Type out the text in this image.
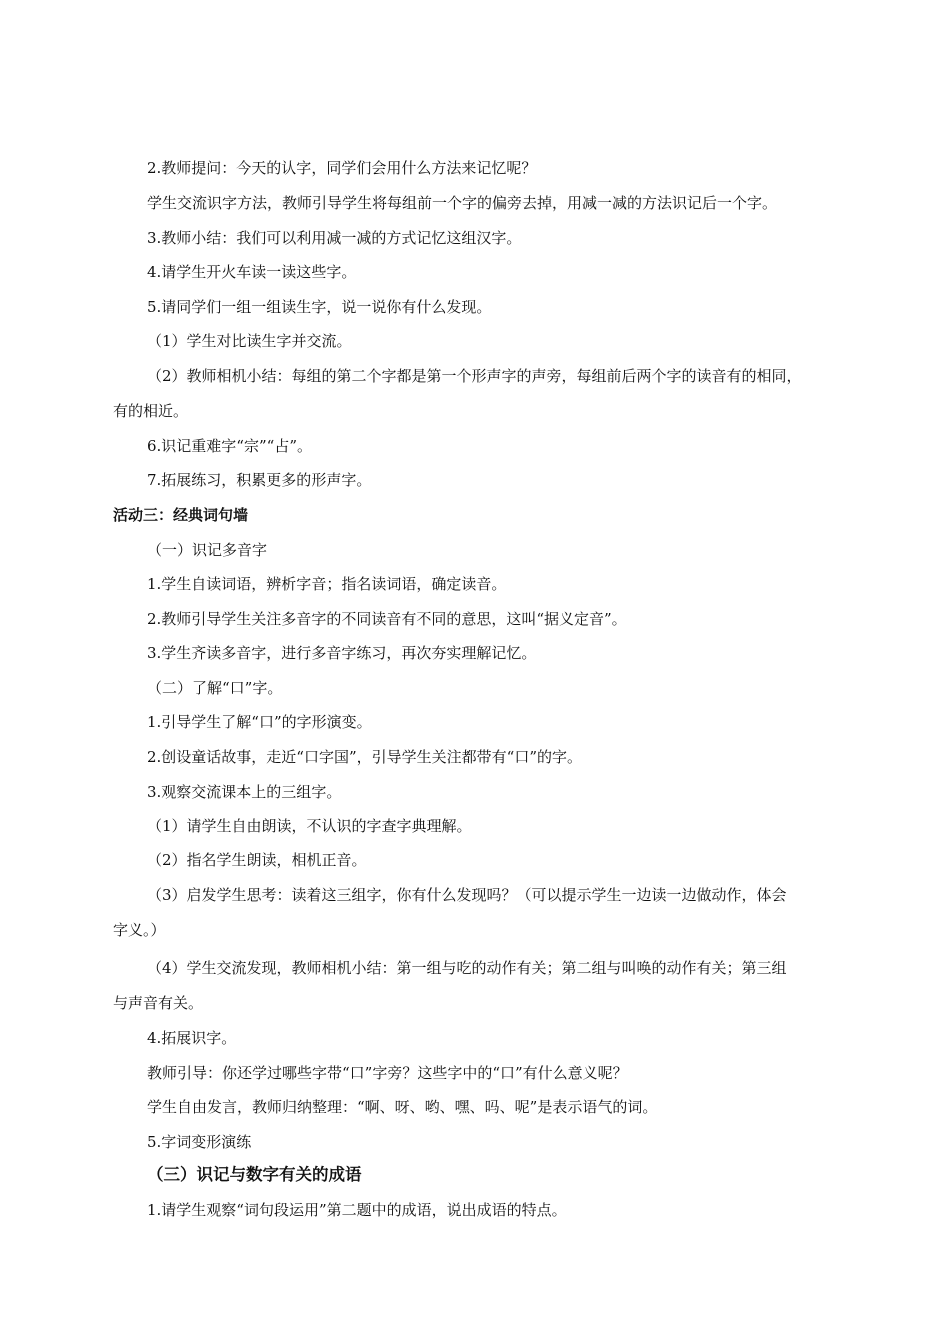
2.教师提问：今天的认字，同学们会用什么方法来记忆呢？

学生交流识字方法，教师引导学生将每组前一个字的偏旁去掉，用减一减的方法识记后一个字。

3.教师小结：我们可以利用减一减的方式记忆这组汉字。

4.请学生开火车读一读这些字。

5.请同学们一组一组读生字，说一说你有什么发现。

（1）学生对比读生字并交流。

（2）教师相机小结：每组的第二个字都是第一个形声字的声旁，每组前后两个字的读音有的相同，

有的相近。

6.识记重难字“宗”“占”。

7.拓展练习，积累更多的形声字。

活动三：经典词句墙

（一）识记多音字

1.学生自读词语，辨析字音；指名读词语，确定读音。

2.教师引导学生关注多音字的不同读音有不同的意思，这叫“据义定音”。

3.学生齐读多音字，进行多音字练习，再次夯实理解记忆。

（二）了解“口”字。

1.引导学生了解“口”的字形演变。

2.创设童话故事，走近“口字国”，引导学生关注都带有“口”的字。

3.观察交流课本上的三组字。

（1）请学生自由朗读，不认识的字查字典理解。

（2）指名学生朗读，相机正音。

（3）启发学生思考：读着这三组字，你有什么发现吗？（可以提示学生一边读一边做动作，体会

字义。）

（4）学生交流发现，教师相机小结：第一组与吃的动作有关；第二组与叫唤的动作有关；第三组

与声音有关。

4.拓展识字。

教师引导：你还学过哪些字带“口”字旁？这些字中的“口”有什么意义呢？

学生自由发言，教师归纳整理：“啊、呀、哟、嘿、吗、呢”是表示语气的词。

5.字词变形演练

（三）识记与数字有关的成语

1.请学生观察“词句段运用”第二题中的成语，说出成语的特点。
